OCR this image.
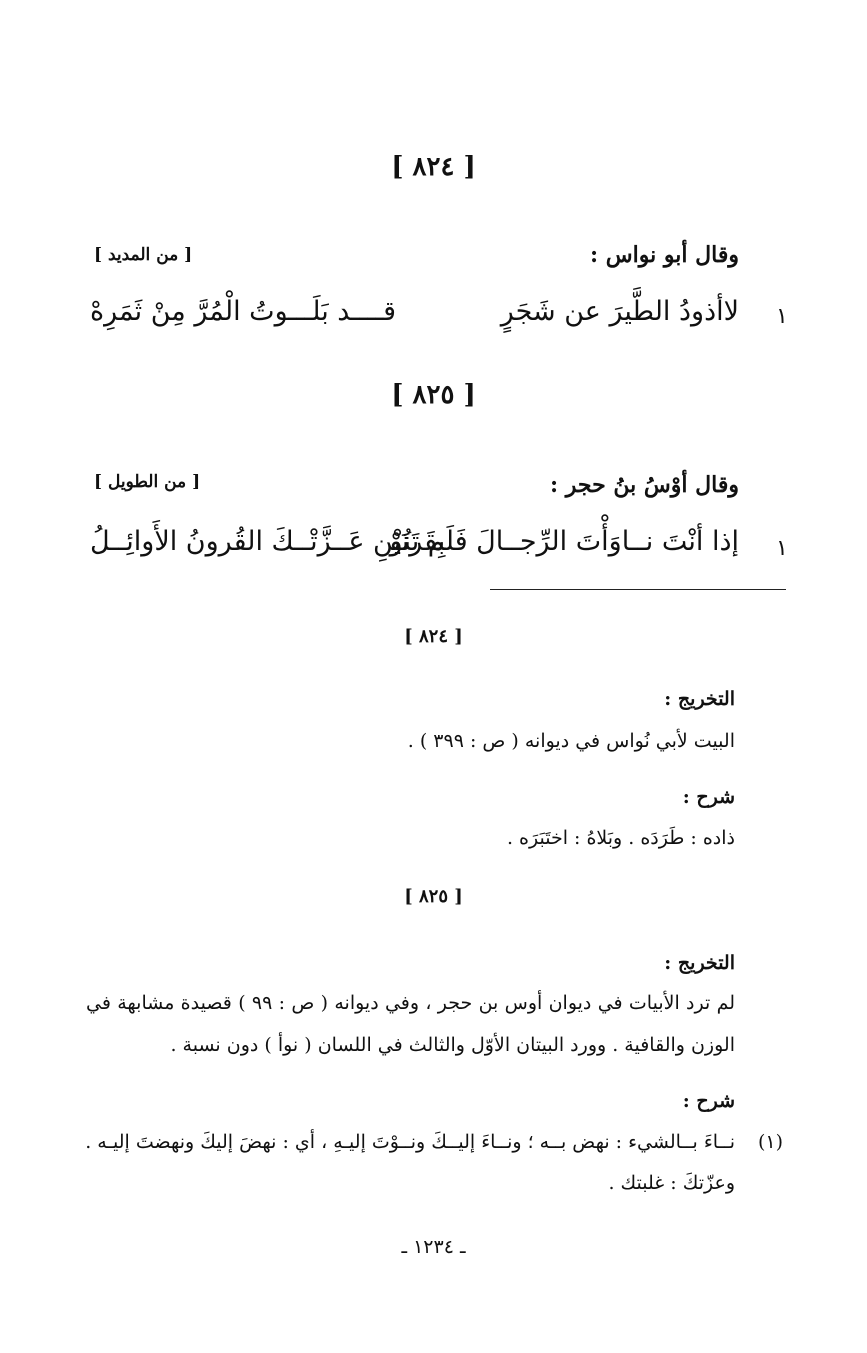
[ ٨٢٤ ]
وقال أبو نواس :
[ من المديد ]
١
لاأذودُ الطَّيرَ عن شَجَرٍ
قــــد بَلَـــوتُ الْمُرَّ مِنْ ثَمَرِهْ
[ ٨٢٥ ]
وقال أوْسُ بنُ حجر :
[ من الطويل ]
١
إذا أنْتَ نــاوَأْتَ الرِّجــالَ فَلَم تَنُوْ
بِقَرنَيْنِ عَــزَّتْــكَ القُرونُ الأَوائِــلُ
[ ٨٢٤ ]
التخريج :
البيت لأبي نُواس في ديوانه ( ص : ٣٩٩ ) .
شرح :
ذاده : طَرَدَه . وبَلاهُ : اختَبَرَه .
[ ٨٢٥ ]
التخريج :
لم ترد الأبيات في ديوان أوس بن حجر ، وفي ديوانه ( ص : ٩٩ ) قصيدة مشابهة في
الوزن والقافية . وورد البيتان الأوّل والثالث في اللسان ( نوأ ) دون نسبة .
شرح :
(١)
نــاءَ بــالشيء : نهض بــه ؛ ونــاءَ إليــكَ ونــوْتَ إليـهِ ، أي : نهضَ إليكَ ونهضتَ إليـه .
وعزّتكَ : غلبتك .
ـ ١٢٣٤ ـ
